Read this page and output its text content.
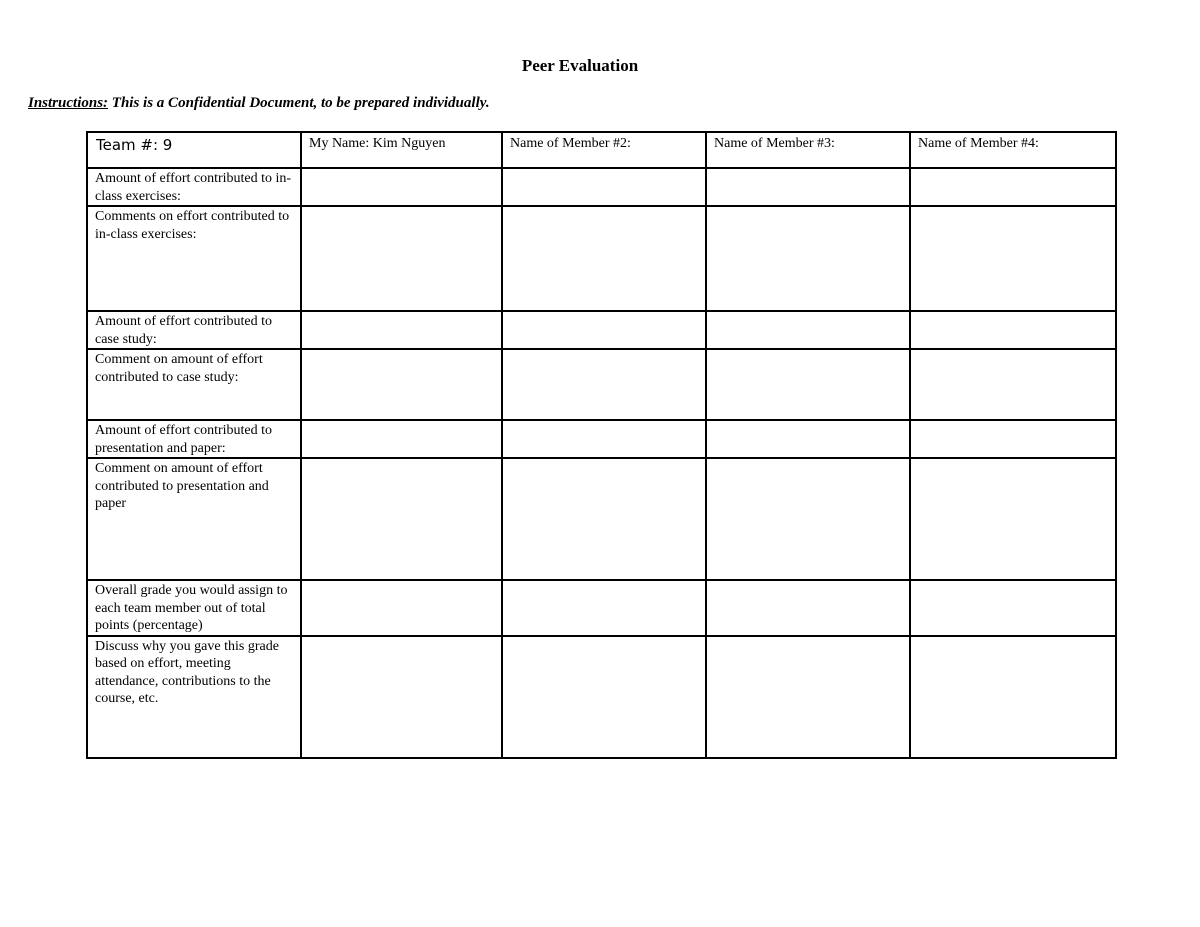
Peer Evaluation
Instructions: This is a Confidential Document, to be prepared individually.
Team #: 9	My Name: Kim Nguyen	Name of Member #2:	Name of Member #3:	Name of Member #4:
Amount of effort contributed to in-class exercises:				
Comments on effort contributed to in-class exercises:				
Amount of effort contributed to case study:				
Comment on amount of effort contributed to case study:				
Amount of effort contributed to presentation and paper:				
Comment on amount of effort contributed to presentation and paper				
Overall grade you would assign to each team member out of total points (percentage)				
Discuss why you gave this grade based on effort, meeting attendance, contributions to the course, etc.				
